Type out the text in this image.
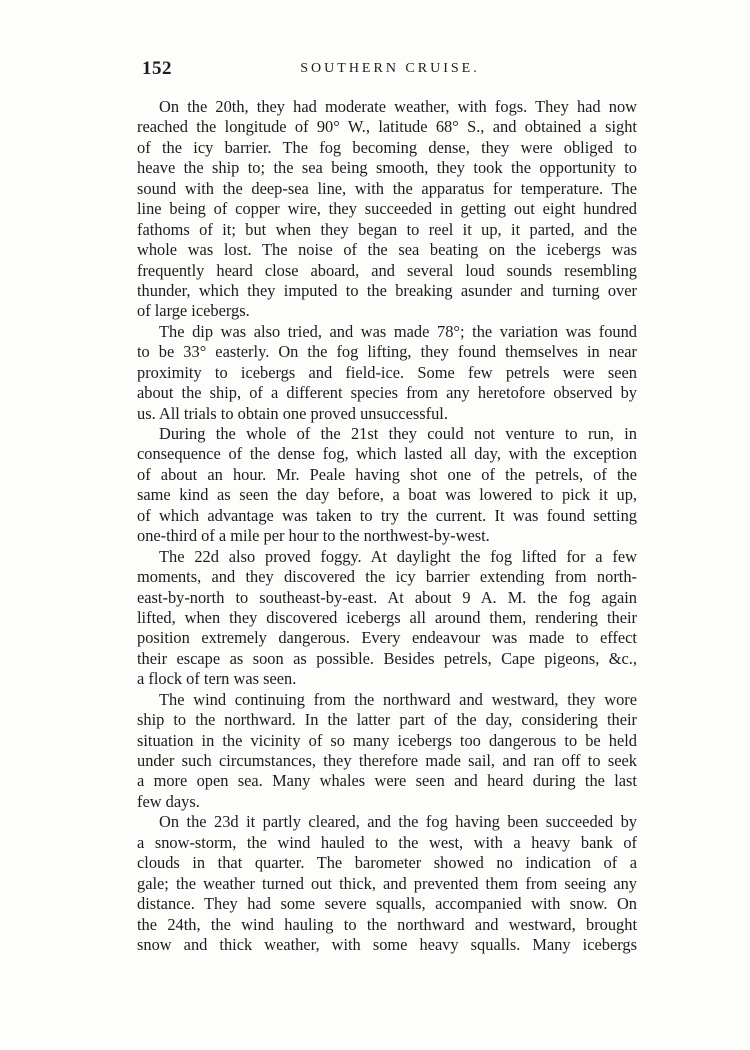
152	SOUTHERN CRUISE.
On the 20th, they had moderate weather, with fogs. They had now
reached the longitude of 90° W., latitude 68° S., and obtained a sight
of the icy barrier. The fog becoming dense, they were obliged to
heave the ship to; the sea being smooth, they took the opportunity to
sound with the deep-sea line, with the apparatus for temperature. The
line being of copper wire, they succeeded in getting out eight hundred
fathoms of it; but when they began to reel it up, it parted, and the
whole was lost. The noise of the sea beating on the icebergs was
frequently heard close aboard, and several loud sounds resembling
thunder, which they imputed to the breaking asunder and turning over
of large icebergs.
The dip was also tried, and was made 78°; the variation was found
to be 33° easterly. On the fog lifting, they found themselves in near
proximity to icebergs and field-ice. Some few petrels were seen
about the ship, of a different species from any heretofore observed by
us. All trials to obtain one proved unsuccessful.
During the whole of the 21st they could not venture to run, in
consequence of the dense fog, which lasted all day, with the exception
of about an hour. Mr. Peale having shot one of the petrels, of the
same kind as seen the day before, a boat was lowered to pick it up,
of which advantage was taken to try the current. It was found setting
one-third of a mile per hour to the northwest-by-west.
The 22d also proved foggy. At daylight the fog lifted for a few
moments, and they discovered the icy barrier extending from north-
east-by-north to southeast-by-east. At about 9 A. M. the fog again
lifted, when they discovered icebergs all around them, rendering their
position extremely dangerous. Every endeavour was made to effect
their escape as soon as possible. Besides petrels, Cape pigeons, &c.,
a flock of tern was seen.
The wind continuing from the northward and westward, they wore
ship to the northward. In the latter part of the day, considering their
situation in the vicinity of so many icebergs too dangerous to be held
under such circumstances, they therefore made sail, and ran off to seek
a more open sea. Many whales were seen and heard during the last
few days.
On the 23d it partly cleared, and the fog having been succeeded by
a snow-storm, the wind hauled to the west, with a heavy bank of
clouds in that quarter. The barometer showed no indication of a
gale; the weather turned out thick, and prevented them from seeing any
distance. They had some severe squalls, accompanied with snow. On
the 24th, the wind hauling to the northward and westward, brought
snow and thick weather, with some heavy squalls. Many icebergs
